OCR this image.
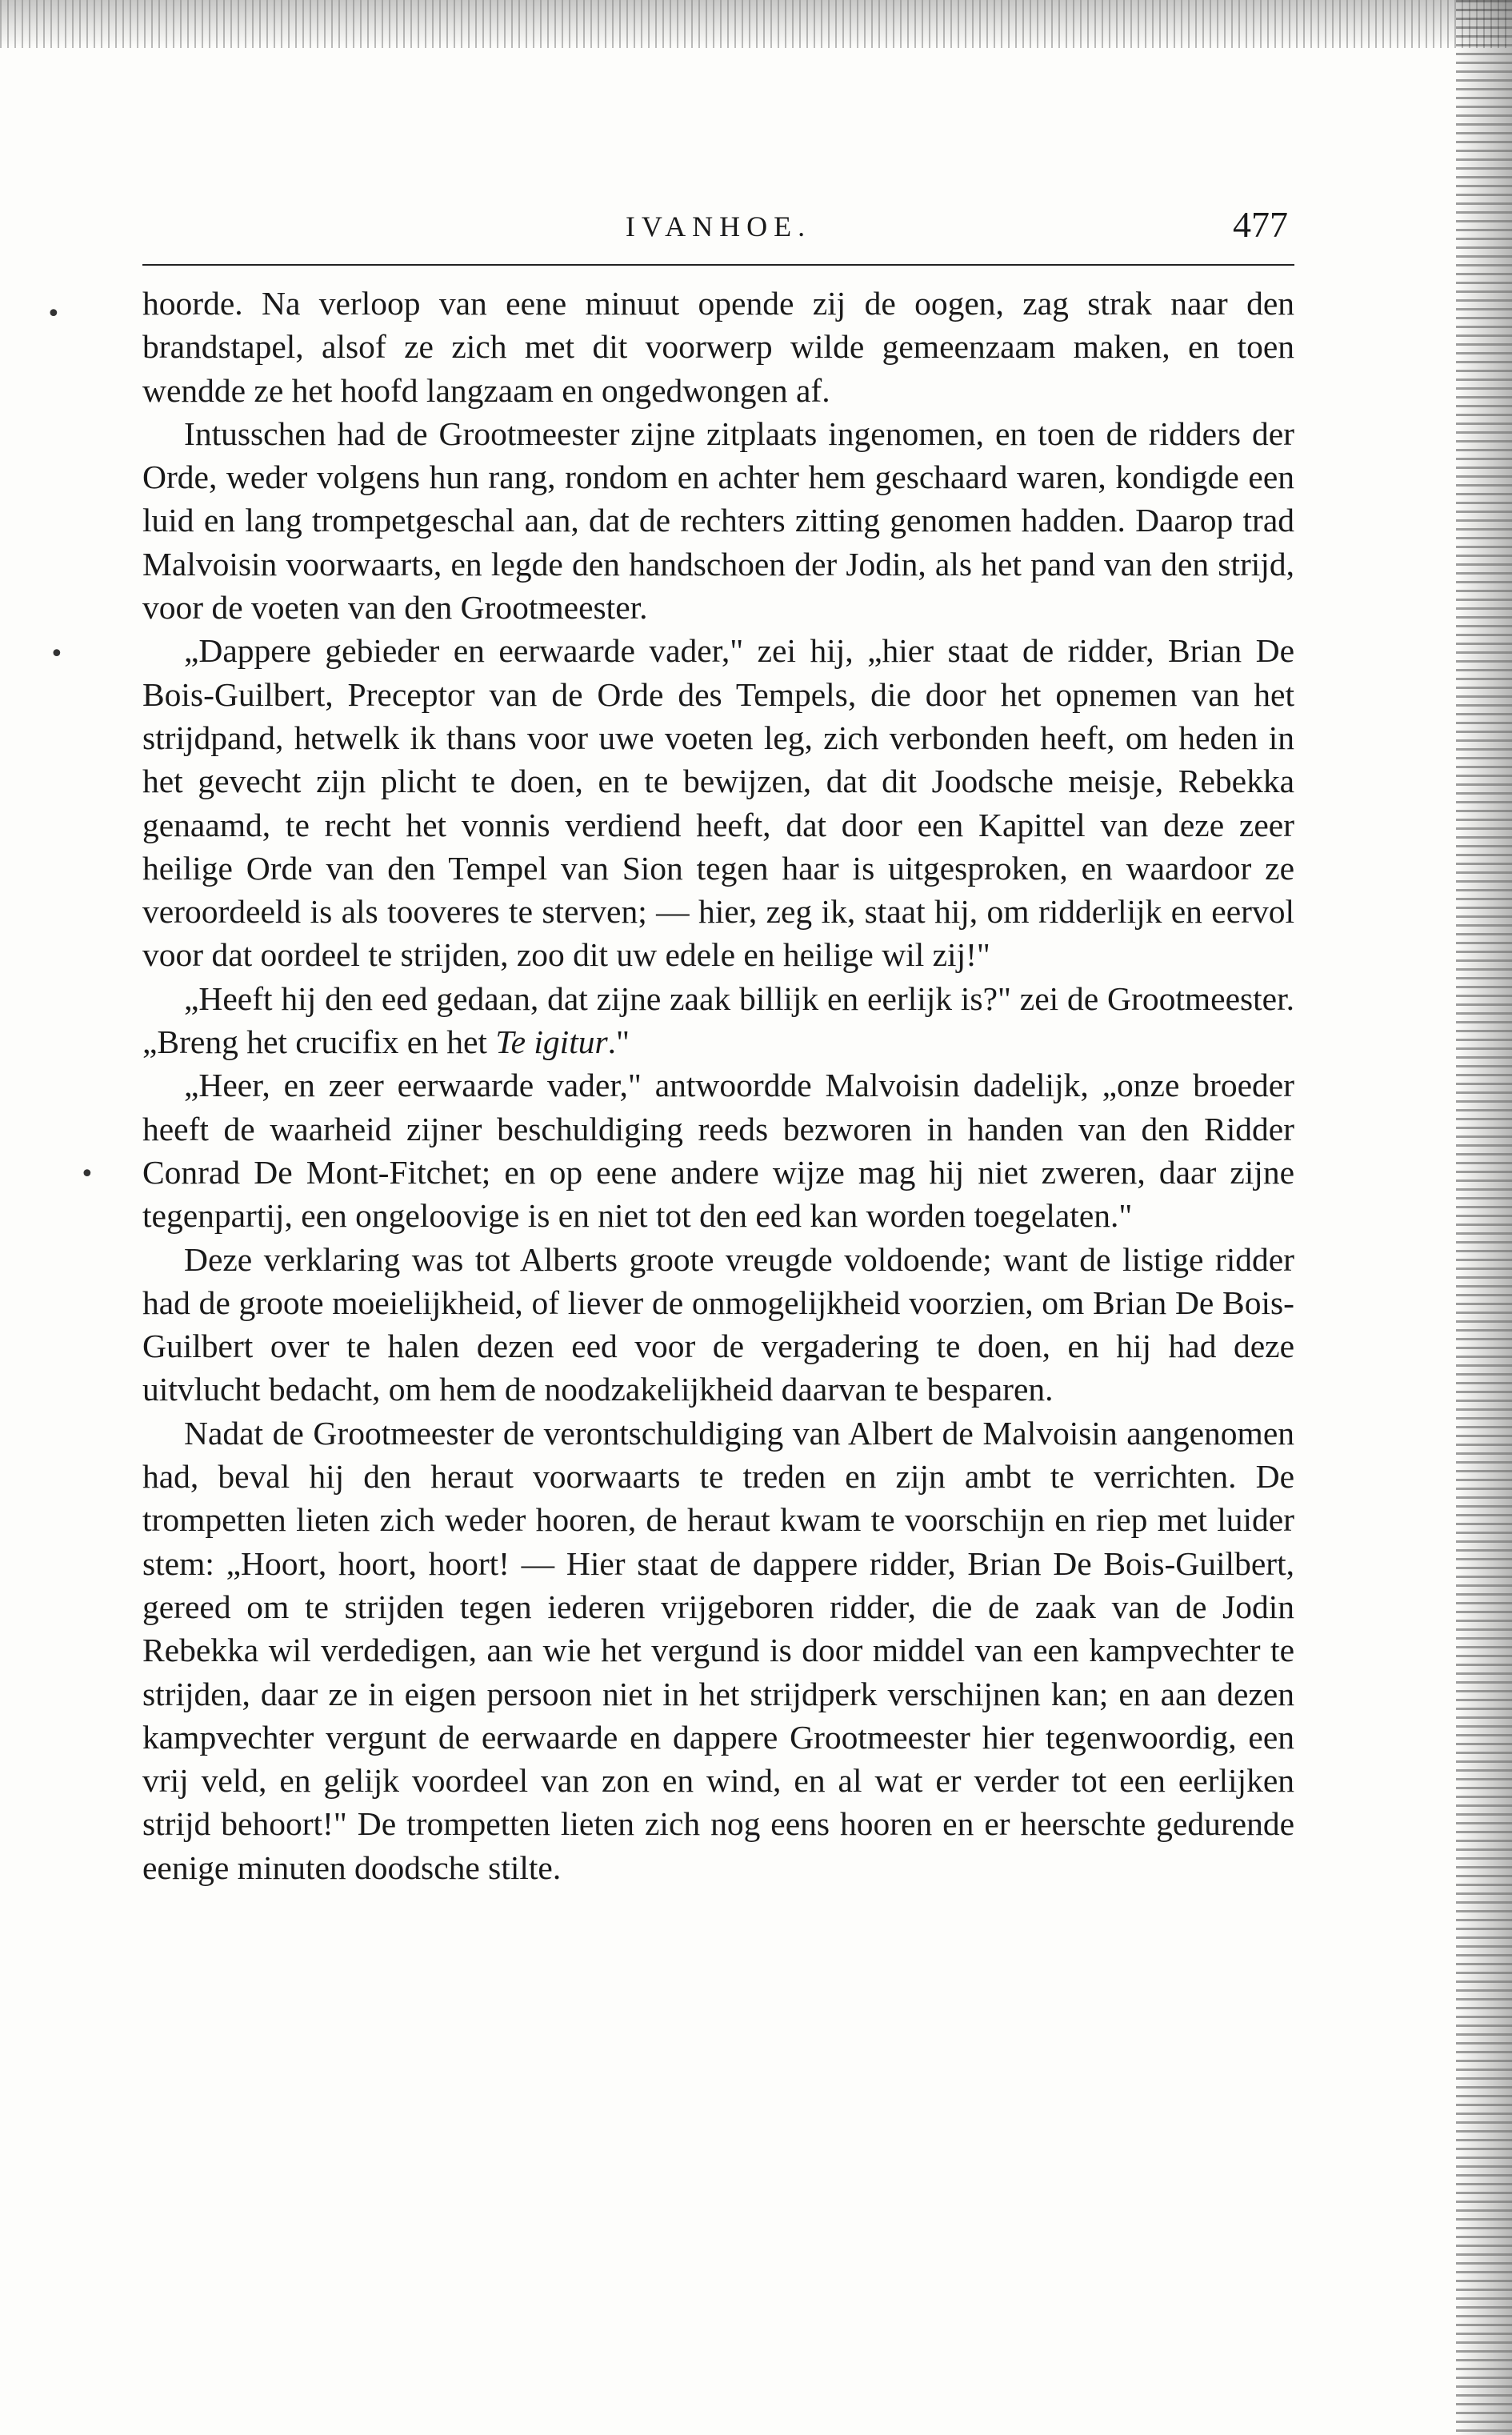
IVANHOE.	477
•
•
•

hoorde. Na verloop van eene minuut opende zij de oogen, zag strak naar den brandstapel, alsof ze zich met dit voorwerp wilde gemeenzaam maken, en toen wendde ze het hoofd langzaam en ongedwongen af.

Intusschen had de Grootmeester zijne zitplaats ingenomen, en toen de ridders der Orde, weder volgens hun rang, rondom en achter hem geschaard waren, kondigde een luid en lang trompetgeschal aan, dat de rechters zitting genomen hadden. Daarop trad Malvoisin voorwaarts, en legde den handschoen der Jodin, als het pand van den strijd, voor de voeten van den Grootmeester.

„Dappere gebieder en eerwaarde vader," zei hij, „hier staat de ridder, Brian De Bois-Guilbert, Preceptor van de Orde des Tempels, die door het opnemen van het strijdpand, hetwelk ik thans voor uwe voeten leg, zich verbonden heeft, om heden in het gevecht zijn plicht te doen, en te bewijzen, dat dit Joodsche meisje, Rebekka genaamd, te recht het vonnis verdiend heeft, dat door een Kapittel van deze zeer heilige Orde van den Tempel van Sion tegen haar is uitgesproken, en waardoor ze veroordeeld is als tooveres te sterven; — hier, zeg ik, staat hij, om ridderlijk en eervol voor dat oordeel te strijden, zoo dit uw edele en heilige wil zij!"

„Heeft hij den eed gedaan, dat zijne zaak billijk en eerlijk is?" zei de Grootmeester. „Breng het crucifix en het Te igitur."

„Heer, en zeer eerwaarde vader," antwoordde Malvoisin dadelijk, „onze broeder heeft de waarheid zijner beschuldiging reeds bezworen in handen van den Ridder Conrad De Mont-Fitchet; en op eene andere wijze mag hij niet zweren, daar zijne tegenpartij, een ongeloovige is en niet tot den eed kan worden toegelaten."

Deze verklaring was tot Alberts groote vreugde voldoende; want de listige ridder had de groote moeielijkheid, of liever de onmogelijkheid voorzien, om Brian De Bois-Guilbert over te halen dezen eed voor de vergadering te doen, en hij had deze uitvlucht bedacht, om hem de noodzakelijkheid daarvan te besparen.

Nadat de Grootmeester de verontschuldiging van Albert de Malvoisin aangenomen had, beval hij den heraut voorwaarts te treden en zijn ambt te verrichten. De trompetten lieten zich weder hooren, de heraut kwam te voorschijn en riep met luider stem: „Hoort, hoort, hoort! — Hier staat de dappere ridder, Brian De Bois-Guilbert, gereed om te strijden tegen iederen vrijgeboren ridder, die de zaak van de Jodin Rebekka wil verdedigen, aan wie het vergund is door middel van een kampvechter te strijden, daar ze in eigen persoon niet in het strijdperk verschijnen kan; en aan dezen kampvechter vergunt de eerwaarde en dappere Grootmeester hier tegenwoordig, een vrij veld, en gelijk voordeel van zon en wind, en al wat er verder tot een eerlijken strijd behoort!" De trompetten lieten zich nog eens hooren en er heerschte gedurende eenige minuten doodsche stilte.
